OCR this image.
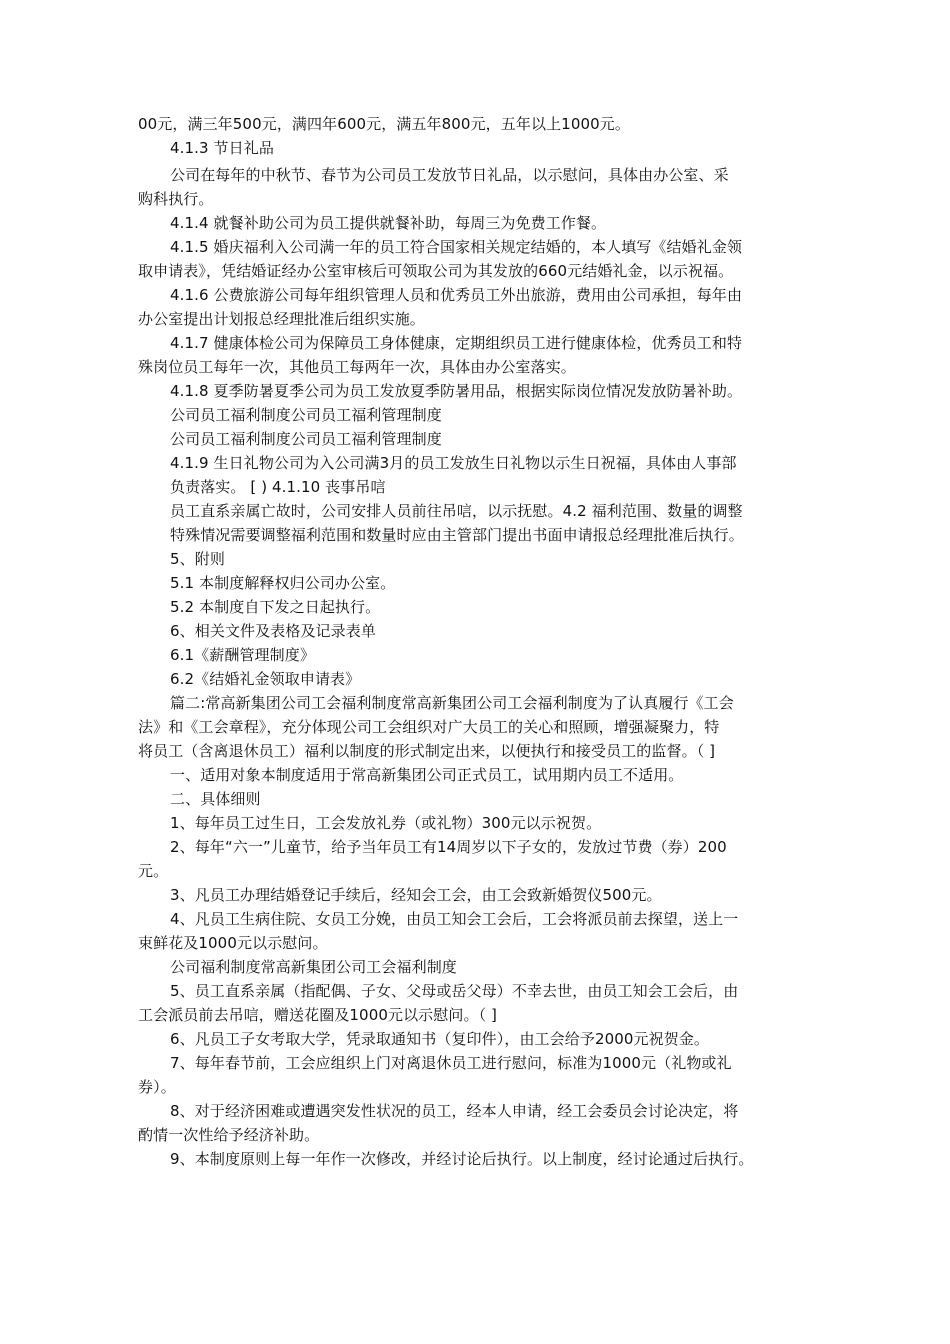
00元，满三年500元，满四年600元，满五年800元，五年以上1000元。
4.1.3 节日礼品
公司在每年的中秋节、春节为公司员工发放节日礼品，以示慰问，具体由办公室、采
购科执行。
4.1.4 就餐补助公司为员工提供就餐补助，每周三为免费工作餐。
4.1.5 婚庆福利入公司满一年的员工符合国家相关规定结婚的，本人填写《结婚礼金领
取申请表》，凭结婚证经办公室审核后可领取公司为其发放的660元结婚礼金，以示祝福。
4.1.6 公费旅游公司每年组织管理人员和优秀员工外出旅游，费用由公司承担，每年由
办公室提出计划报总经理批准后组织实施。
4.1.7 健康体检公司为保障员工身体健康，定期组织员工进行健康体检，优秀员工和特
殊岗位员工每年一次，其他员工每两年一次，具体由办公室落实。
4.1.8 夏季防暑夏季公司为员工发放夏季防暑用品，根据实际岗位情况发放防暑补助。
公司员工福利制度公司员工福利管理制度
公司员工福利制度公司员工福利管理制度
4.1.9 生日礼物公司为入公司满3月的员工发放生日礼物以示生日祝福，具体由人事部
负责落实。 [ ) 4.1.10 丧事吊唁
员工直系亲属亡故时，公司安排人员前往吊唁，以示抚慰。4.2 福利范围、数量的调整
特殊情况需要调整福利范围和数量时应由主管部门提出书面申请报总经理批准后执行。
5、附则
5.1 本制度解释权归公司办公室。
5.2 本制度自下发之日起执行。
6、相关文件及表格及记录表单
6.1《薪酬管理制度》
6.2《结婚礼金领取申请表》
篇二:常高新集团公司工会福利制度常高新集团公司工会福利制度为了认真履行《工会
法》和《工会章程》，充分体现公司工会组织对广大员工的关心和照顾，增强凝聚力，特
将员工（含离退休员工）福利以制度的形式制定出来，以便执行和接受员工的监督。（ ]
一、适用对象本制度适用于常高新集团公司正式员工，试用期内员工不适用。
二、具体细则
1、每年员工过生日，工会发放礼券（或礼物）300元以示祝贺。
2、每年“六一”儿童节，给予当年员工有14周岁以下子女的，发放过节费（券）200
元。
3、凡员工办理结婚登记手续后，经知会工会，由工会致新婚贺仪500元。
4、凡员工生病住院、女员工分娩，由员工知会工会后，工会将派员前去探望，送上一
束鲜花及1000元以示慰问。
公司福利制度常高新集团公司工会福利制度
5、员工直系亲属（指配偶、子女、父母或岳父母）不幸去世，由员工知会工会后，由
工会派员前去吊唁，赠送花圈及1000元以示慰问。（ ]
6、凡员工子女考取大学，凭录取通知书（复印件），由工会给予2000元祝贺金。
7、每年春节前，工会应组织上门对离退休员工进行慰问，标准为1000元（礼物或礼
券）。
8、对于经济困难或遭遇突发性状况的员工，经本人申请，经工会委员会讨论决定，将
酌情一次性给予经济补助。
9、本制度原则上每一年作一次修改，并经讨论后执行。以上制度，经讨论通过后执行。
